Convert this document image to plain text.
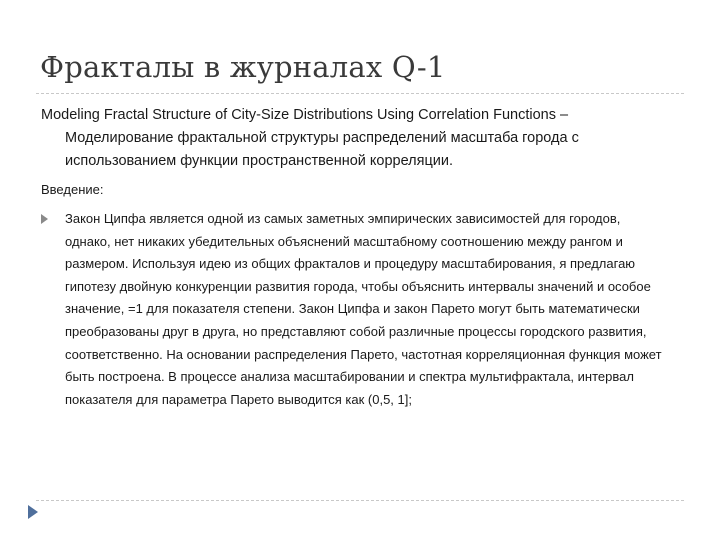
Фракталы в журналах Q-1
Modeling Fractal Structure of City-Size Distributions Using Correlation Functions –
Моделирование фрактальной структуры распределений масштаба города с использованием функции пространственной корреляции.
Введение:
Закон Ципфа является одной из самых заметных эмпирических зависимостей для городов, однако, нет никаких убедительных объяснений масштабному соотношению между рангом и размером. Используя идею из общих фракталов и процедуру масштабирования, я предлагаю гипотезу двойную конкуренции развития города, чтобы объяснить интервалы значений и особое значение, =1 для показателя степени. Закон Ципфа и закон Парето могут быть математически преобразованы друг в друга, но представляют собой различные процессы городского развития, соответственно. На основании распределения Парето, частотная корреляционная функция может быть построена. В процессе анализа масштабировании и спектра мультифрактала, интервал показателя для параметра Парето выводится как (0,5, 1];
